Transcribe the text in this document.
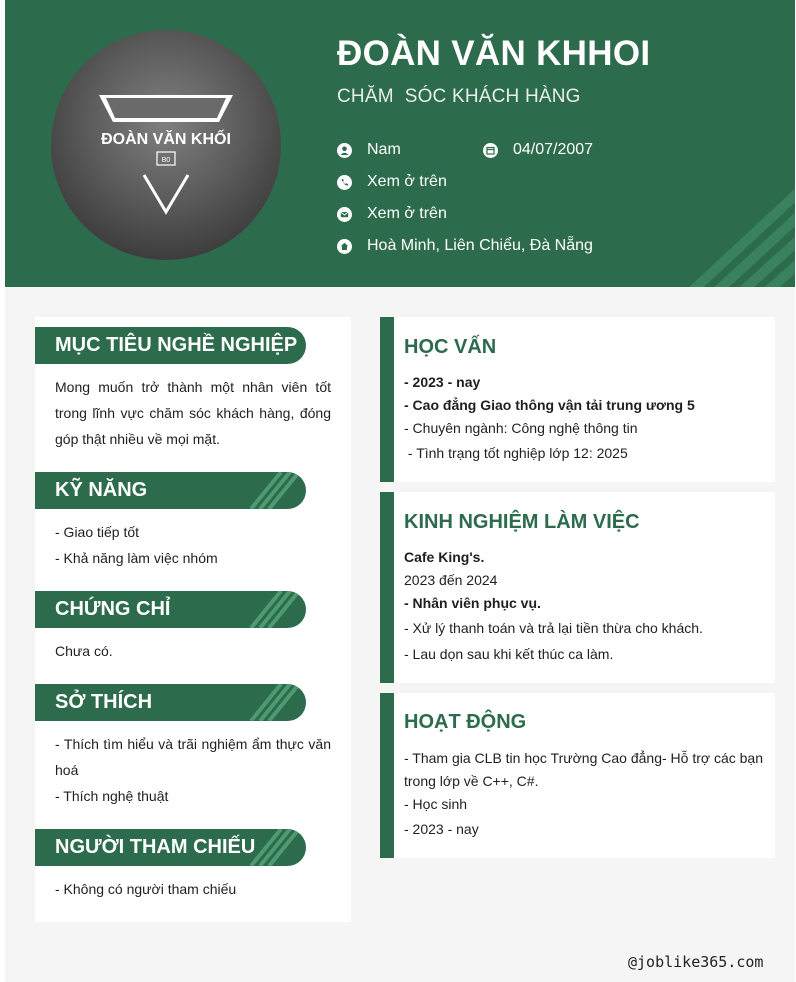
ĐOÀN VĂN KHỐI
B0
ĐOÀN VĂN KHHOI
CHĂM  SÓC KHÁCH HÀNG
Nam	04/07/2007
Xem ở trên
Xem ở trên
Hoà Minh, Liên Chiểu, Đà Nẵng
MỤC TIÊU NGHỀ NGHIỆP
Mong muốn trở thành một nhân viên tốt trong lĩnh vực chăm sóc khách hàng, đóng góp thật nhiều về mọi mặt.
KỸ NĂNG
- Giao tiếp tốt
- Khả năng làm việc nhóm
CHỨNG CHỈ
Chưa có.
SỞ THÍCH
- Thích tìm hiểu và trãi nghiệm ẩm thực văn hoá
- Thích nghệ thuật
NGƯỜI THAM CHIẾU
- Không có người tham chiếu
HỌC VẤN
- 2023 - nay
- Cao đẳng Giao thông vận tải trung ương 5
- Chuyên ngành: Công nghệ thông tin
- Tình trạng tốt nghiệp lớp 12: 2025
KINH NGHIỆM LÀM VIỆC
Cafe King's.
2023 đến 2024
- Nhân viên phục vụ.
- Xử lý thanh toán và trả lại tiền thừa cho khách.
- Lau dọn sau khi kết thúc ca làm.
HOẠT ĐỘNG
- Tham gia CLB tin học Trường Cao đẳng- Hỗ trợ các bạn trong lớp về C++, C#.
- Học sinh
- 2023 - nay
@joblike365.com
